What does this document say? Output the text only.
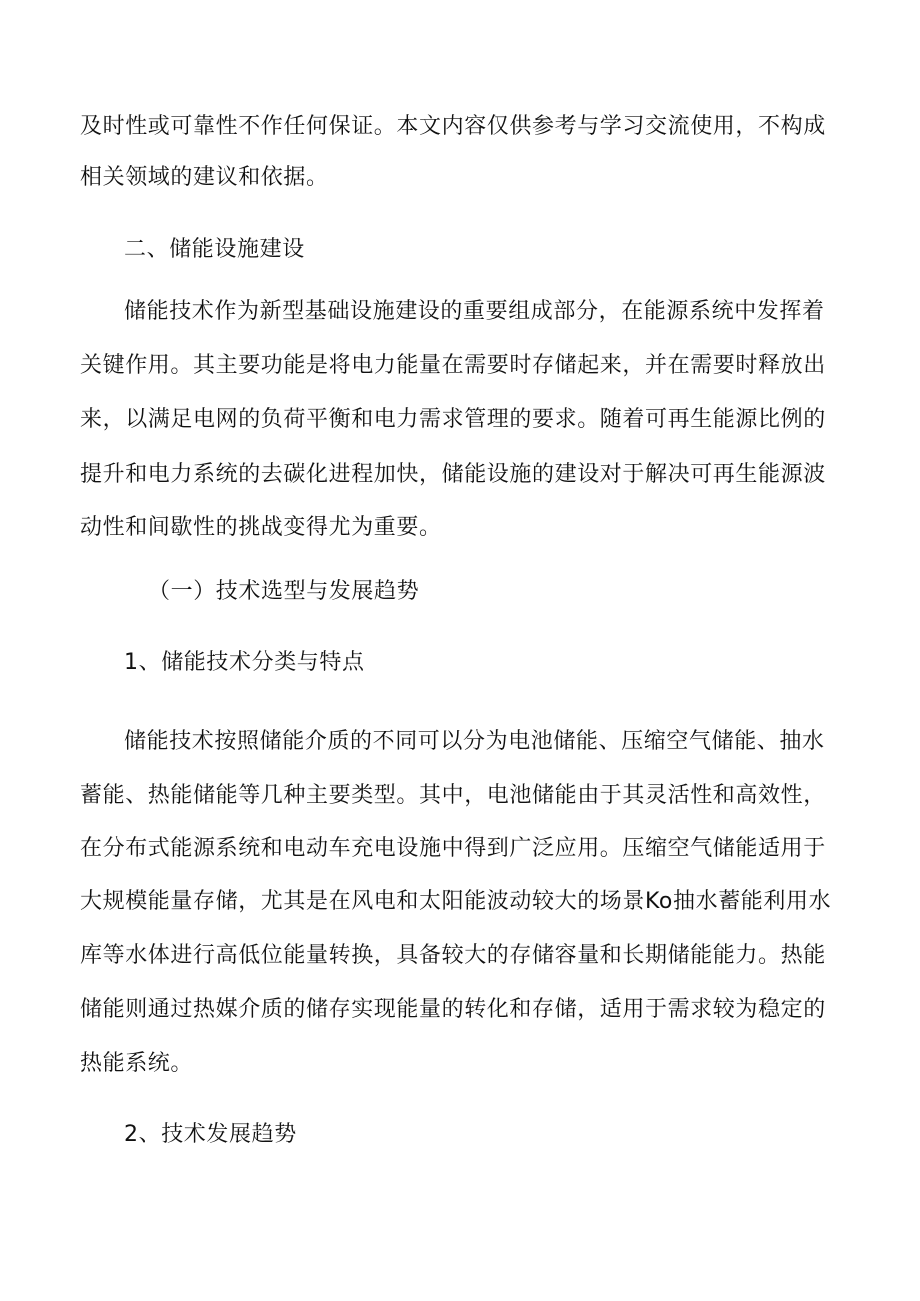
及时性或可靠性不作任何保证。本文内容仅供参考与学习交流使用，不构成
相关领域的建议和依据。
二、储能设施建设
储能技术作为新型基础设施建设的重要组成部分，在能源系统中发挥着
关键作用。其主要功能是将电力能量在需要时存储起来，并在需要时释放出
来，以满足电网的负荷平衡和电力需求管理的要求。随着可再生能源比例的
提升和电力系统的去碳化进程加快，储能设施的建设对于解决可再生能源波
动性和间歇性的挑战变得尤为重要。
（一）技术选型与发展趋势
1、储能技术分类与特点
储能技术按照储能介质的不同可以分为电池储能、压缩空气储能、抽水
蓄能、热能储能等几种主要类型。其中，电池储能由于其灵活性和高效性，
在分布式能源系统和电动车充电设施中得到广泛应用。压缩空气储能适用于
大规模能量存储，尤其是在风电和太阳能波动较大的场景Ko抽水蓄能利用水
库等水体进行高低位能量转换，具备较大的存储容量和长期储能能力。热能
储能则通过热媒介质的储存实现能量的转化和存储，适用于需求较为稳定的
热能系统。
2、技术发展趋势
